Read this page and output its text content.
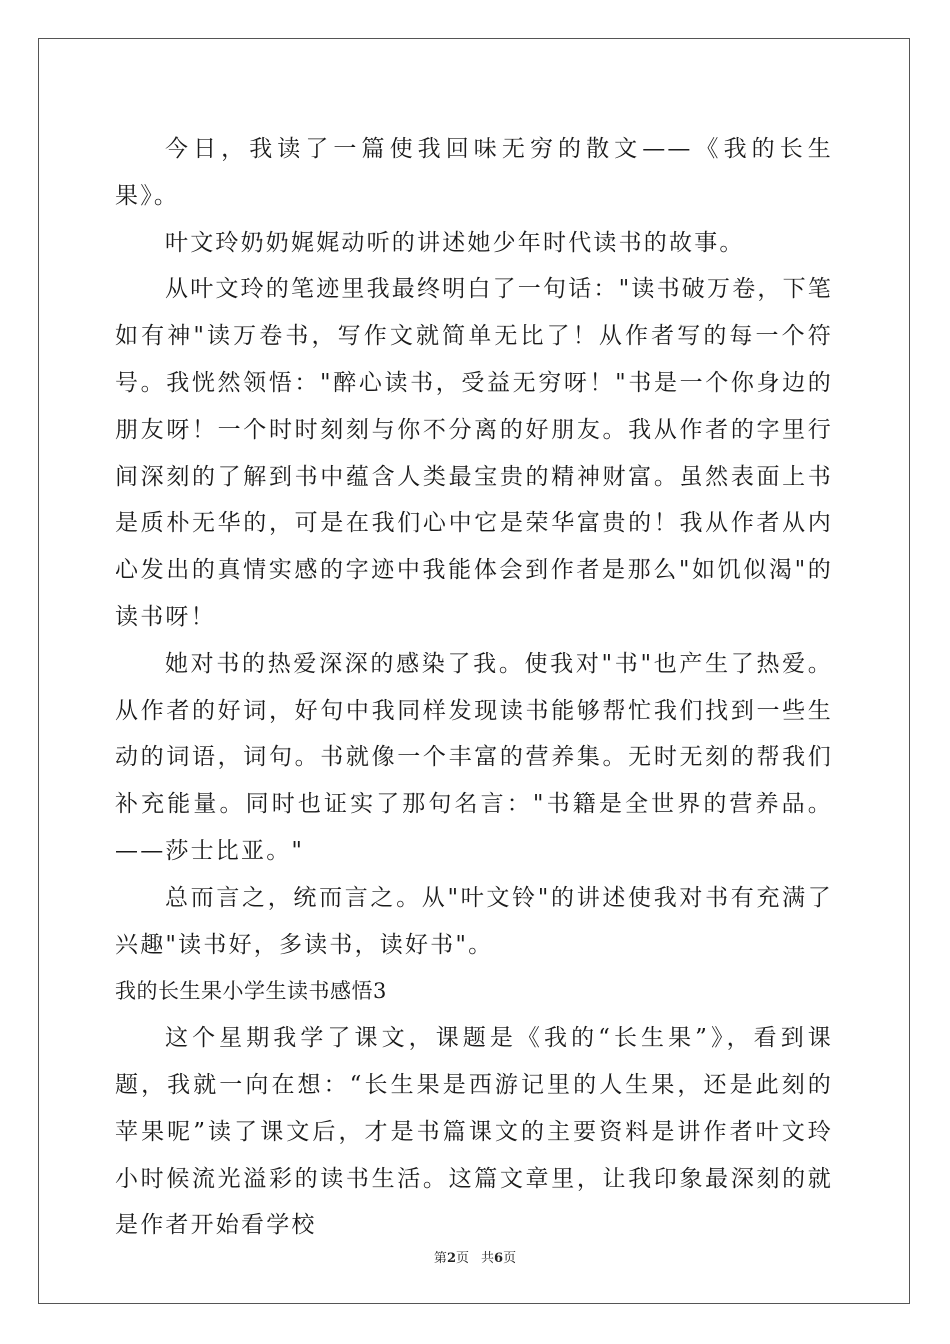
今日，我读了一篇使我回味无穷的散文——《我的长生果》。

叶文玲奶奶娓娓动听的讲述她少年时代读书的故事。

从叶文玲的笔迹里我最终明白了一句话："读书破万卷，下笔如有神"读万卷书，写作文就简单无比了！从作者写的每一个符号。我恍然领悟："醉心读书，受益无穷呀！"书是一个你身边的朋友呀！一个时时刻刻与你不分离的好朋友。我从作者的字里行间深刻的了解到书中蕴含人类最宝贵的精神财富。虽然表面上书是质朴无华的，可是在我们心中它是荣华富贵的！我从作者从内心发出的真情实感的字迹中我能体会到作者是那么"如饥似渴"的读书呀！

她对书的热爱深深的感染了我。使我对"书"也产生了热爱。从作者的好词，好句中我同样发现读书能够帮忙我们找到一些生动的词语，词句。书就像一个丰富的营养集。无时无刻的帮我们补充能量。同时也证实了那句名言："书籍是全世界的营养品。——莎士比亚。"

总而言之，统而言之。从"叶文铃"的讲述使我对书有充满了兴趣"读书好，多读书，读好书"。

我的长生果小学生读书感悟3

这个星期我学了课文，课题是《我的“长生果”》，看到课题，我就一向在想：“长生果是西游记里的人生果，还是此刻的苹果呢”读了课文后，才是书篇课文的主要资料是讲作者叶文玲小时候流光溢彩的读书生活。这篇文章里，让我印象最深刻的就是作者开始看学校

第2页 共6页
